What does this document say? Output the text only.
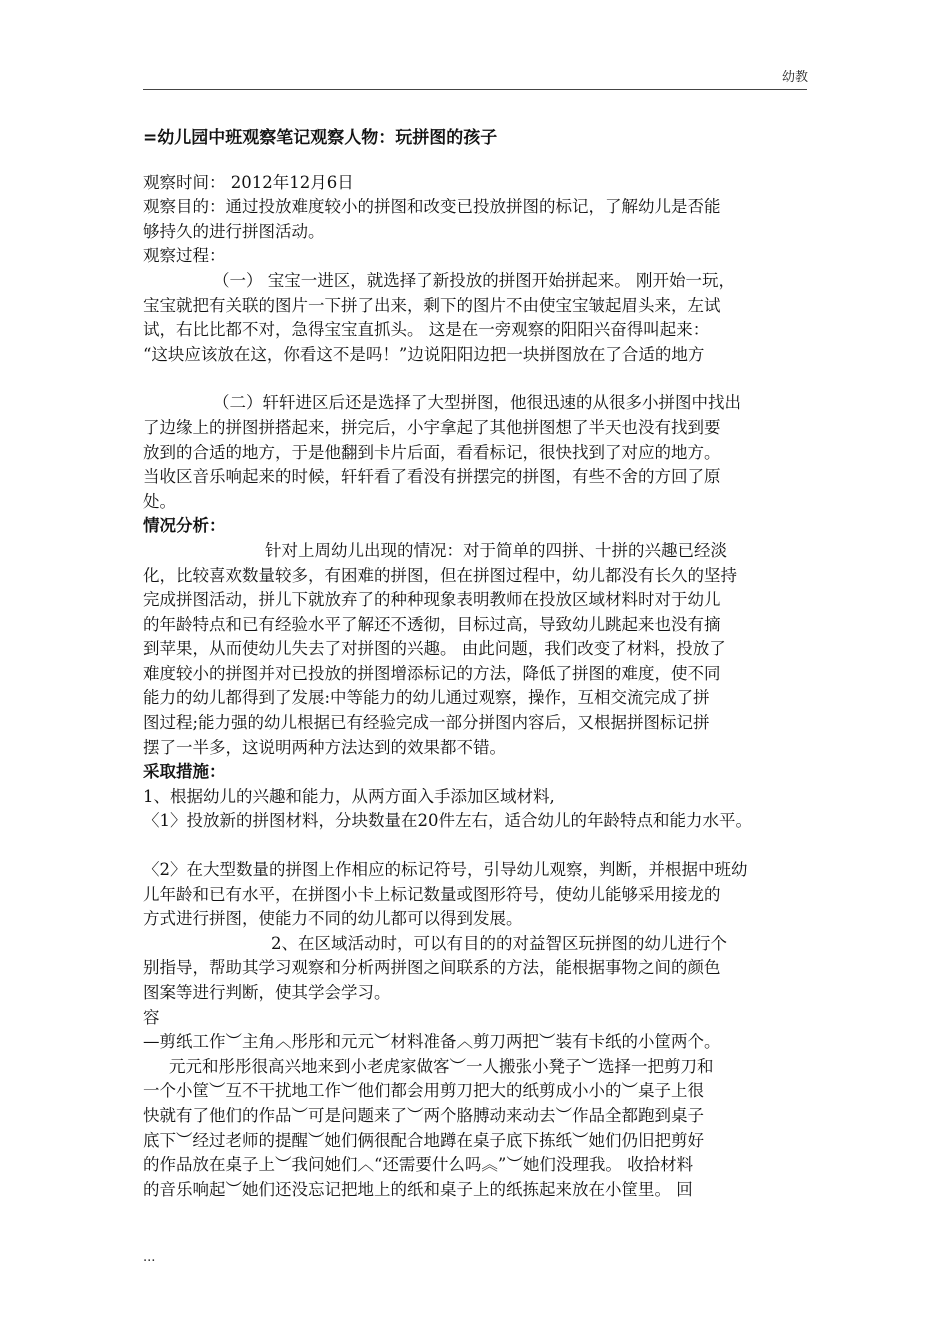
幼教
=幼儿园中班观察笔记观察人物：玩拼图的孩子
观察时间： 2012年12月6日
观察目的：通过投放难度较小的拼图和改变已投放拼图的标记，了解幼儿是否能
够持久的进行拼图活动。
观察过程：
（一） 宝宝一进区，就选择了新投放的拼图开始拼起来。 刚开始一玩，
宝宝就把有关联的图片一下拼了出来，剩下的图片不由使宝宝皱起眉头来，左试
试，右比比都不对，急得宝宝直抓头。 这是在一旁观察的阳阳兴奋得叫起来：
“这块应该放在这，你看这不是吗！”边说阳阳边把一块拼图放在了合适的地方
（二）轩轩进区后还是选择了大型拼图，他很迅速的从很多小拼图中找出
了边缘上的拼图拼搭起来，拼完后，小宇拿起了其他拼图想了半天也没有找到要
放到的合适的地方，于是他翻到卡片后面，看看标记，很快找到了对应的地方。
当收区音乐响起来的时候，轩轩看了看没有拼摆完的拼图，有些不舍的方回了原
处。
情况分析：
针对上周幼儿出现的情况：对于简单的四拼、十拼的兴趣已经淡
化，比较喜欢数量较多，有困难的拼图，但在拼图过程中，幼儿都没有长久的坚持
完成拼图活动，拼儿下就放弃了的种种现象表明教师在投放区域材料时对于幼儿
的年龄特点和已有经验水平了解还不透彻，目标过高，导致幼儿跳起来也没有摘
到苹果，从而使幼儿失去了对拼图的兴趣。 由此问题，我们改变了材料，投放了
难度较小的拼图并对已投放的拼图增添标记的方法，降低了拼图的难度，使不同
能力的幼儿都得到了发展:中等能力的幼儿通过观察，操作，互相交流完成了拼
图过程;能力强的幼儿根据已有经验完成一部分拼图内容后，又根据拼图标记拼
摆了一半多，这说明两种方法达到的效果都不错。
采取措施：
1、根据幼儿的兴趣和能力，从两方面入手添加区域材料,
〈1〉投放新的拼图材料，分块数量在20件左右，适合幼儿的年龄特点和能力水平。
〈2〉在大型数量的拼图上作相应的标记符号，引导幼儿观察，判断，并根据中班幼
儿年龄和已有水平，在拼图小卡上标记数量或图形符号，使幼儿能够采用接龙的
方式进行拼图，使能力不同的幼儿都可以得到发展。
2、在区域活动时，可以有目的的对益智区玩拼图的幼儿进行个
别指导，帮助其学习观察和分析两拼图之间联系的方法，能根据事物之间的颜色
图案等进行判断，使其学会学习。
容
—剪纸工作︶主角︿彤彤和元元︶材料准备︿剪刀两把︶装有卡纸的小筐两个。
元元和彤彤很高兴地来到小老虎家做客︶一人搬张小凳子︶选择一把剪刀和
一个小筐︶互不干扰地工作︶他们都会用剪刀把大的纸剪成小小的︶桌子上很
快就有了他们的作品︶可是问题来了︶两个胳膊动来动去︶作品全都跑到桌子
底下︶经过老师的提醒︶她们俩很配合地蹲在桌子底下拣纸︶她们仍旧把剪好
的作品放在桌子上︶我问她们︿“还需要什么吗︽”︶她们没理我。 收拾材料
的音乐响起︶她们还没忘记把地上的纸和桌子上的纸拣起来放在小筐里。 回
...
